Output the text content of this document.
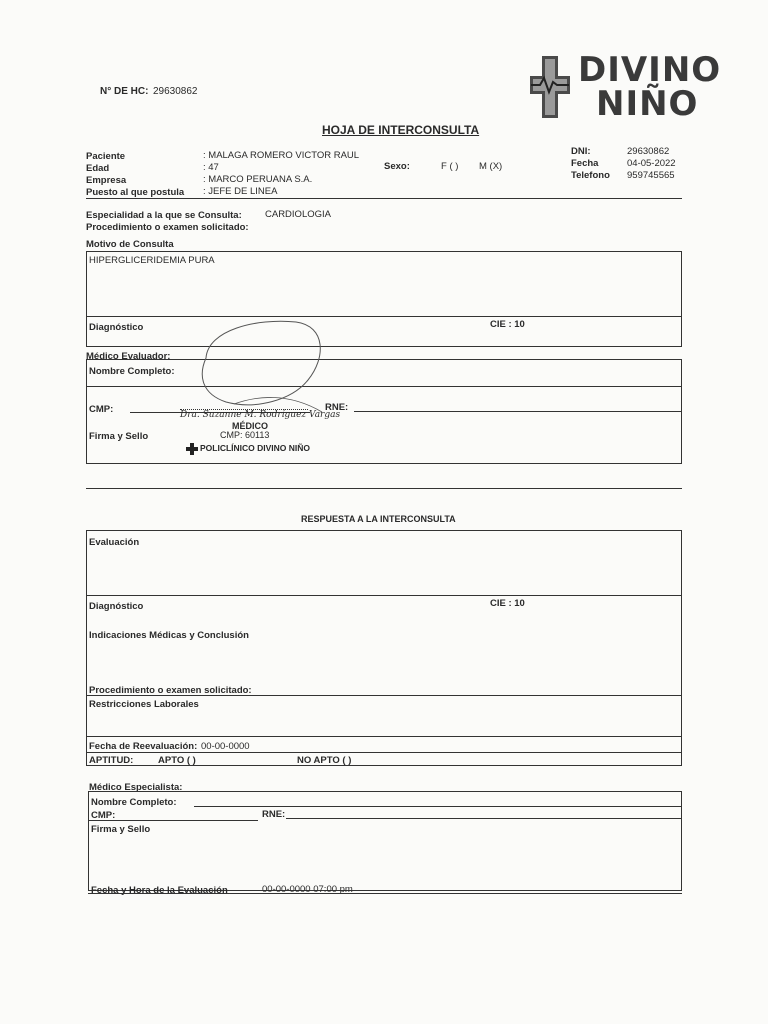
N° DE HC: 29630862
DIVINO
NIÑO
HOJA DE INTERCONSULTA
Paciente	: MALAGA ROMERO VICTOR RAUL
Edad	: 47
Empresa	: MARCO PERUANA S.A.
Puesto al que postula : JEFE DE LINEA
Sexo:	F ( ) M (X)
DNI:	29630862
Fecha	04-05-2022
Telefono 959745565
Especialidad a la que se Consulta: CARDIOLOGIA
Procedimiento o examen solicitado:
Motivo de Consulta
HIPERGLICERIDEMIA PURA
Diagnóstico	CIE : 10
Médico Evaluador:
Nombre Completo:
CMP:	RNE:
Firma y Sello
Dra. Suzanne M. Rodríguez Vargas
MÉDICO
CMP: 60113
POLICLÍNICO DIVINO NIÑO
RESPUESTA A LA INTERCONSULTA
Evaluación
Diagnóstico	CIE : 10
Indicaciones Médicas y Conclusión
Procedimiento o examen solicitado:
Restricciones Laborales
Fecha de Reevaluación: 00-00-0000
APTITUD:	APTO ( )	NO APTO ( )
Médico Especialista:
Nombre Completo:
CMP:	RNE:
Firma y Sello
Fecha y Hora de la Evaluación	00-00-0000 07:00 pm
